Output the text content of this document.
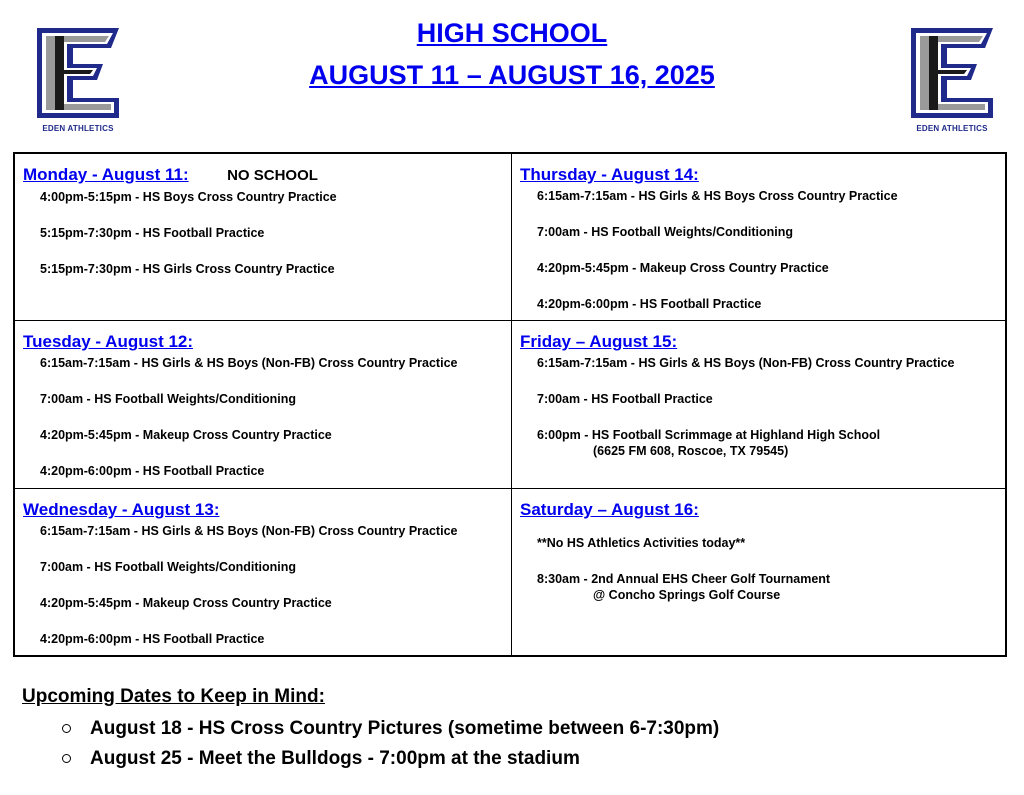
EDEN ATHLETICS	EDEN ATHLETICS
HIGH SCHOOL
AUGUST 11 – AUGUST 16, 2025
Monday - August 11:	NO SCHOOL
4:00pm-5:15pm - HS Boys Cross Country Practice
5:15pm-7:30pm - HS Football Practice
5:15pm-7:30pm - HS Girls Cross Country Practice
Thursday - August 14:
6:15am-7:15am - HS Girls & HS Boys Cross Country Practice
7:00am - HS Football Weights/Conditioning
4:20pm-5:45pm - Makeup Cross Country Practice
4:20pm-6:00pm - HS Football Practice
Tuesday - August 12:
6:15am-7:15am - HS Girls & HS Boys (Non-FB) Cross Country Practice
7:00am - HS Football Weights/Conditioning
4:20pm-5:45pm - Makeup Cross Country Practice
4:20pm-6:00pm - HS Football Practice
Friday – August 15:
6:15am-7:15am - HS Girls & HS Boys (Non-FB) Cross Country Practice
7:00am - HS Football Practice
6:00pm - HS Football Scrimmage at Highland High School
(6625 FM 608, Roscoe, TX 79545)
Wednesday - August 13:
6:15am-7:15am - HS Girls & HS Boys (Non-FB) Cross Country Practice
7:00am - HS Football Weights/Conditioning
4:20pm-5:45pm - Makeup Cross Country Practice
4:20pm-6:00pm - HS Football Practice
Saturday – August 16:
**No HS Athletics Activities today**
8:30am - 2nd Annual EHS Cheer Golf Tournament
@ Concho Springs Golf Course
Upcoming Dates to Keep in Mind:
August 18 - HS Cross Country Pictures (sometime between 6-7:30pm)
August 25 - Meet the Bulldogs - 7:00pm at the stadium
